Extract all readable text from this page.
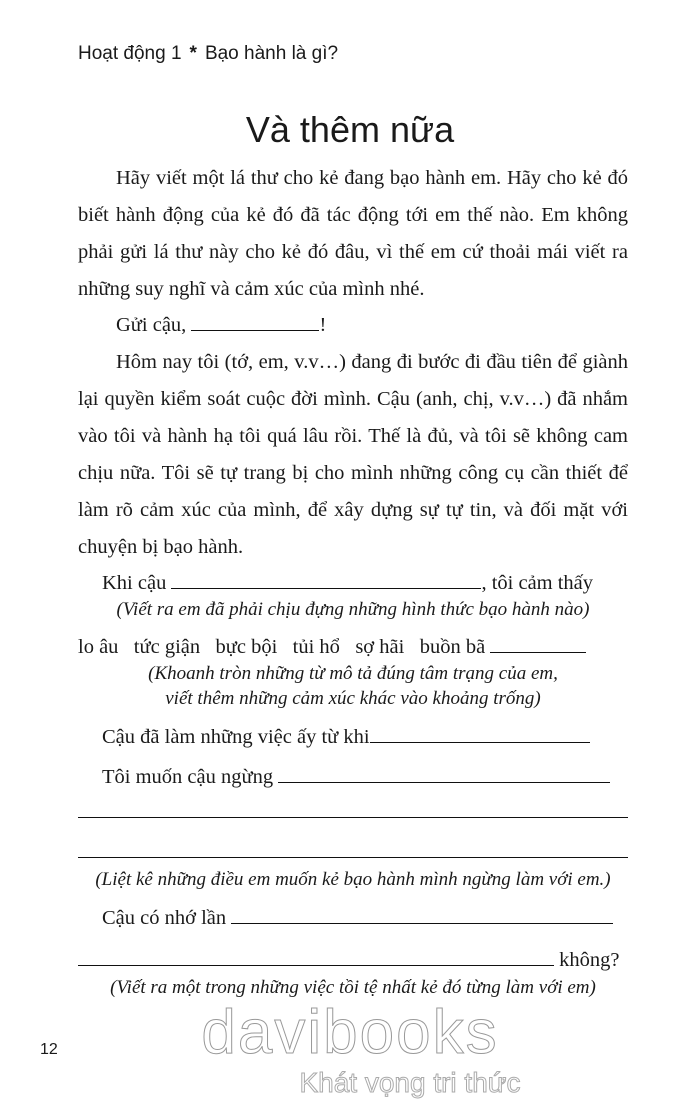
Hoạt động 1 * Bạo hành là gì?
Và thêm nữa
Hãy viết một lá thư cho kẻ đang bạo hành em. Hãy cho kẻ đó biết hành động của kẻ đó đã tác động tới em thế nào. Em không phải gửi lá thư này cho kẻ đó đâu, vì thế em cứ thoải mái viết ra những suy nghĩ và cảm xúc của mình nhé.
Gửi cậu,	!
Hôm nay tôi (tớ, em, v.v…) đang đi bước đi đầu tiên để giành lại quyền kiểm soát cuộc đời mình. Cậu (anh, chị, v.v…) đã nhắm vào tôi và hành hạ tôi quá lâu rồi. Thế là đủ, và tôi sẽ không cam chịu nữa. Tôi sẽ tự trang bị cho mình những công cụ cần thiết để làm rõ cảm xúc của mình, để xây dựng sự tự tin, và đối mặt với chuyện bị bạo hành.
Khi cậu	, tôi cảm thấy
(Viết ra em đã phải chịu đựng những hình thức bạo hành nào)
lo âu tức giận bực bội tủi hổ sợ hãi buồn bã
(Khoanh tròn những từ mô tả đúng tâm trạng của em,
viết thêm những cảm xúc khác vào khoảng trống)
Cậu đã làm những việc ấy từ khi
Tôi muốn cậu ngừng
(Liệt kê những điều em muốn kẻ bạo hành mình ngừng làm với em.)
Cậu có nhớ lần
không?
(Viết ra một trong những việc tồi tệ nhất kẻ đó từng làm với em)
davibooks
12
Khát vọng tri thức
